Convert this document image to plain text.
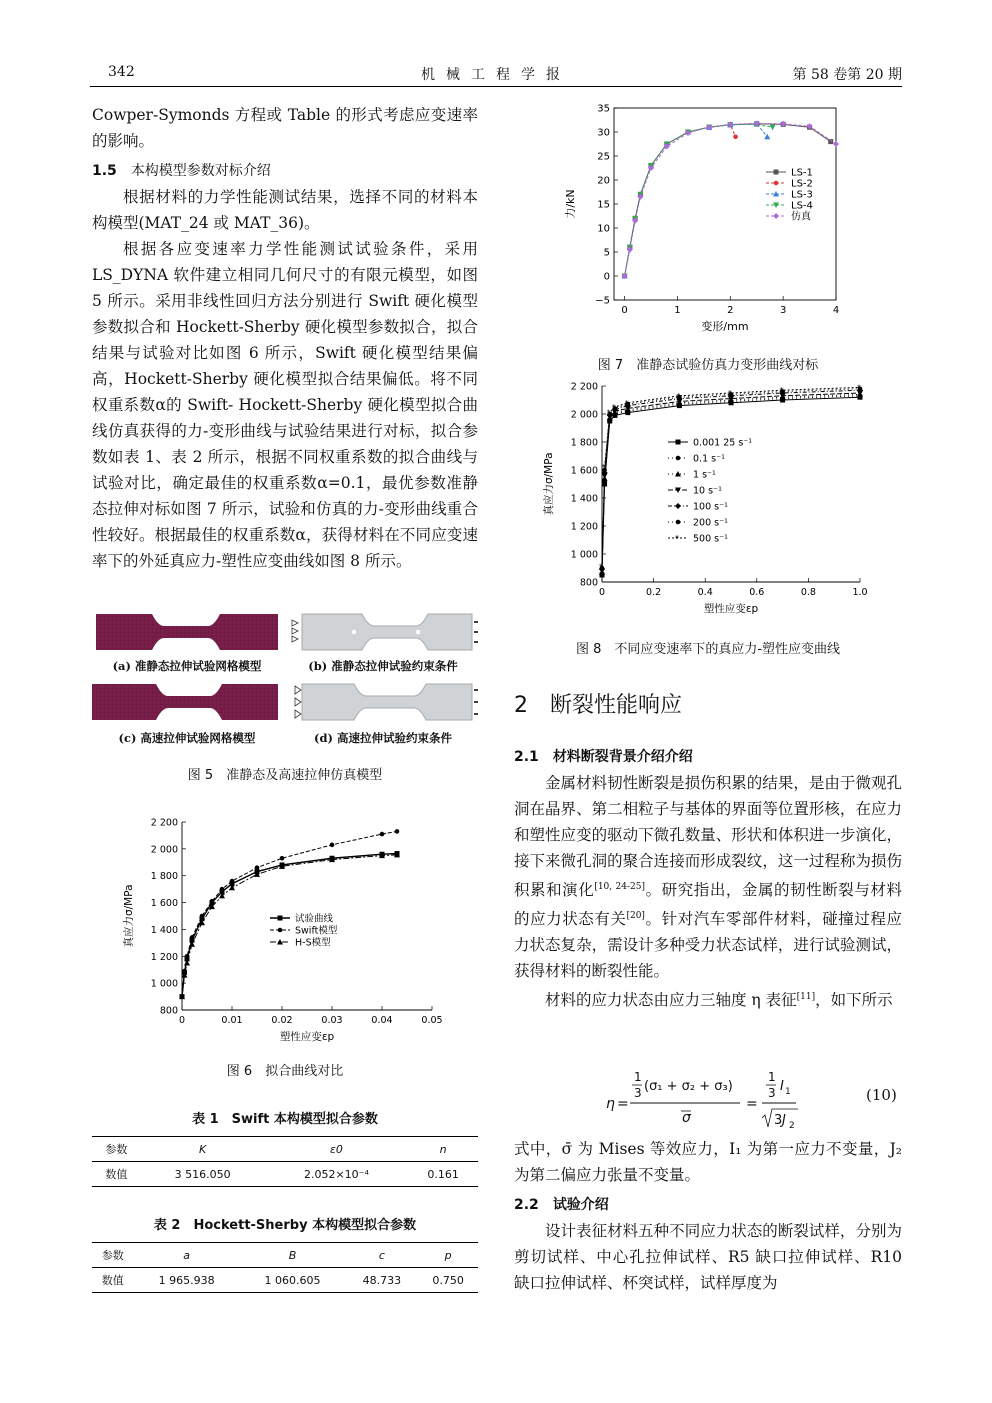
342	机械工程学报	第 58 卷第 20 期

Cowper-Symonds 方程或 Table 的形式考虑应变速率的影响。

1.5　 本构模型参数对标介绍

根据材料的力学性能测试结果，选择不同的材料本构模型(MAT_24 或 MAT_36)。

根据各应变速率力学性能测试试验条件，采用 LS_DYNA 软件建立相同几何尺寸的有限元模型，如图 5 所示。采用非线性回归方法分别进行 Swift 硬化模型参数拟合和 Hockett-Sherby 硬化模型参数拟合，拟合结果与试验对比如图 6 所示，Swift 硬化模型结果偏高，Hockett-Sherby 硬化模型拟合结果偏低。将不同权重系数α的 Swift- Hockett-Sherby 硬化模型拟合曲线仿真获得的力-变形曲线与试验结果进行对标，拟合参数如表 1、表 2 所示，根据不同权重系数的拟合曲线与试验对比，确定最佳的权重系数α=0.1，最优参数准静态拉伸对标如图 7 所示，试验和仿真的力-变形曲线重合性较好。根据最佳的权重系数α，获得材料在不同应变速率下的外延真应力-塑性应变曲线如图 8 所示。

(a) 准静态拉伸试验网格模型	(b) 准静态拉伸试验约束条件
(c) 高速拉伸试验网格模型	(d) 高速拉伸试验约束条件
图 5　准静态及高速拉伸仿真模型
800
1 000
1 200
1 400
1 600
1 800
2 000
2 200
0	0.01	0.02	0.03	0.04	0.05
塑性应变εp
真应力σ/MPa	试验曲线
Swift模型
H-S模型
图 6　拟合曲线对比
表 1　Swift 本构模型拟合参数
参数	K	ε0	n
数值	3 516.050	2.052×10⁻⁴	0.161
表 2　Hockett-Sherby 本构模型拟合参数
参数	a	B	c	p
数值	1 965.938	1 060.605	48.733	0.750
−5
0
5
10
15
20
25
30
35
0	1	2	3	4
变形/mm
力/kN
LS-1
LS-2
LS-3
LS-4
仿真
图 7　准静态试验仿真力变形曲线对标
800
1 000
1 200
1 400
1 600
1 800
2 000
2 200
0	0.2	0.4	0.6	0.8	1.0
塑性应变εp
真应力σ/MPa
0.001 25 s⁻¹
0.1 s⁻¹
1 s⁻¹
10 s⁻¹
100 s⁻¹
200 s⁻¹
*
*
*
* *
*	*	*	*
* 500 s⁻¹
图 8　不同应变速率下的真应力-塑性应变曲线
2　 断裂性能响应

2.1　 材料断裂背景介绍介绍

金属材料韧性断裂是损伤积累的结果，是由于微观孔洞在晶界、第二相粒子与基体的界面等位置形核，在应力和塑性应变的驱动下微孔数量、形状和体积进一步演化，接下来微孔洞的聚合连接而形成裂纹，这一过程称为损伤积累和演化[10, 24-25]。研究指出，金属的韧性断裂与材料的应力状态有关[20]。针对汽车零部件材料，碰撞过程应力状态复杂，需设计多种受力状态试样，进行试验测试，获得材料的断裂性能。

材料的应力状态由应力三轴度 η 表征[11]，如下所示

η =
1
3 (σ₁ + σ₂ + σ₃)
σ
=
1
3 I 1
3 J 2
(10)

式中，σ̄ 为 Mises 等效应力，I₁ 为第一应力不变量，J₂ 为第二偏应力张量不变量。

2.2　 试验介绍

设计表征材料五种不同应力状态的断裂试样，分别为剪切试样、中心孔拉伸试样、R5 缺口拉伸试样、R10 缺口拉伸试样、杯突试样，试样厚度为
